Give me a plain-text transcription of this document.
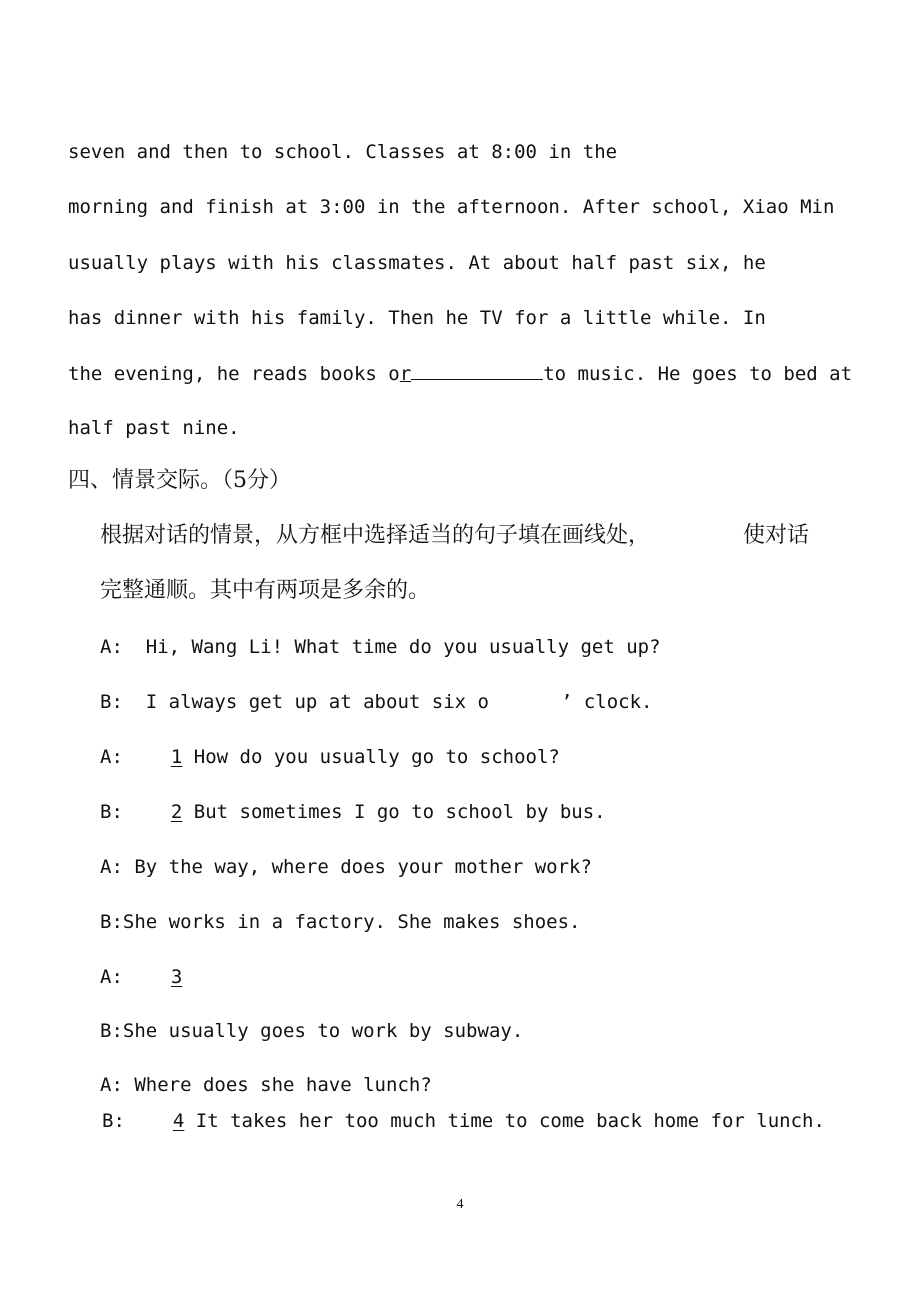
seven and then to school. Classes at 8:00 in the
morning and finish at 3:00 in the afternoon. After school, Xiao Min
usually plays with his classmates. At about half past six, he
has dinner with his family. Then he TV for a little while. In
the evening, he reads books or	to music. He goes to bed at
half past nine.
四、情景交际。（5分）
根据对话的情景，从方框中选择适当的句子填在画线处，	使对话
完整通顺。其中有两项是多余的。
A: Hi, Wang Li! What time do you usually get up?
B: I always get up at about six o	’ clock.
A:	1 How do you usually go to school?
B:	2 But sometimes I go to school by bus.
A: By the way, where does your mother work?
B:She works in a factory. She makes shoes.
A:	3
B:She usually goes to work by subway.
A: Where does she have lunch?
B:	4 It takes her too much time to come back home for lunch.
4
